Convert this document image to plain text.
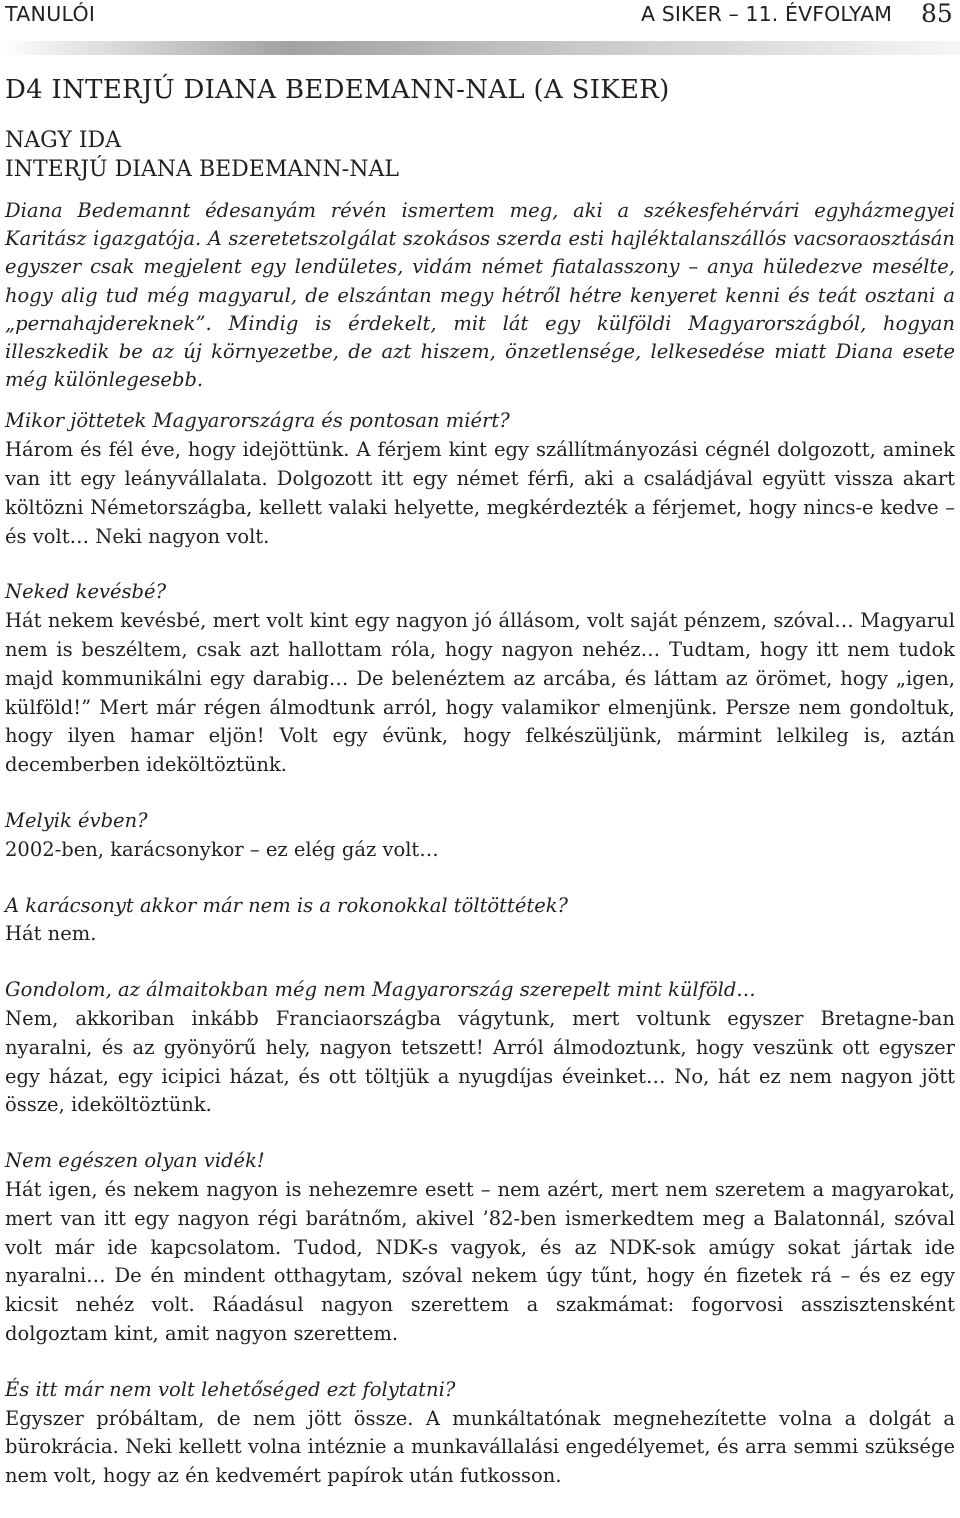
TANULÓI	A SIKER – 11. ÉVFOLYAM 85
D4 INTERJÚ DIANA BEDEMANN-NAL (A SIKER)

NAGY IDA

INTERJÚ DIANA BEDEMANN-NAL

Diana Bedemannt édesanyám révén ismertem meg, aki a székesfehérvári egyházmegyei Karitász igazgatója. A szeretetszolgálat szokásos szerda esti hajléktalanszállós vacsoraosztásán egyszer csak megjelent egy lendületes, vidám német fiatalasszony – anya hüledezve mesélte, hogy alig tud még magyarul, de elszántan megy hétről hétre kenyeret kenni és teát osztani a „pernahajdereknek”. Mindig is érdekelt, mit lát egy külföldi Magyarországból, hogyan illeszkedik be az új környezetbe, de azt hiszem, önzetlensége, lelkesedése miatt Diana esete még különlegesebb.

Mikor jöttetek Magyarországra és pontosan miért?

Három és fél éve, hogy idejöttünk. A férjem kint egy szállítmányozási cégnél dolgozott, aminek van itt egy leányvállalata. Dolgozott itt egy német férfi, aki a családjával együtt vissza akart költözni Németországba, kellett valaki helyette, megkérdezték a férjemet, hogy nincs-e kedve – és volt… Neki nagyon volt.

Neked kevésbé?

Hát nekem kevésbé, mert volt kint egy nagyon jó állásom, volt saját pénzem, szóval… Magyarul nem is beszéltem, csak azt hallottam róla, hogy nagyon nehéz… Tudtam, hogy itt nem tudok majd kommunikálni egy darabig… De belenéztem az arcába, és láttam az örömet, hogy „igen, külföld!” Mert már régen álmodtunk arról, hogy valamikor elmenjünk. Persze nem gondoltuk, hogy ilyen hamar eljön! Volt egy évünk, hogy felkészüljünk, mármint lelkileg is, aztán decemberben ideköltöztünk.

Melyik évben?

2002-ben, karácsonykor – ez elég gáz volt…

A karácsonyt akkor már nem is a rokonokkal töltöttétek?

Hát nem.

Gondolom, az álmaitokban még nem Magyarország szerepelt mint külföld…

Nem, akkoriban inkább Franciaországba vágytunk, mert voltunk egyszer Bretagne-ban nyaralni, és az gyönyörű hely, nagyon tetszett! Arról álmodoztunk, hogy veszünk ott egyszer egy házat, egy icipici házat, és ott töltjük a nyugdíjas éveinket… No, hát ez nem nagyon jött össze, ideköltöztünk.

Nem egészen olyan vidék!

Hát igen, és nekem nagyon is nehezemre esett – nem azért, mert nem szeretem a magyarokat, mert van itt egy nagyon régi barátnőm, akivel ’82-ben ismerkedtem meg a Balatonnál, szóval volt már ide kapcsolatom. Tudod, NDK-s vagyok, és az NDK-sok amúgy sokat jártak ide nyaralni… De én mindent otthagytam, szóval nekem úgy tűnt, hogy én fizetek rá – és ez egy kicsit nehéz volt. Ráadásul nagyon szerettem a szakmámat: fogorvosi asszisztensként dolgoztam kint, amit nagyon szerettem.

És itt már nem volt lehetőséged ezt folytatni?

Egyszer próbáltam, de nem jött össze. A munkáltatónak megnehezítette volna a dolgát a bürokrácia. Neki kellett volna intéznie a munkavállalási engedélyemet, és arra semmi szüksége nem volt, hogy az én kedvemért papírok után futkosson.
